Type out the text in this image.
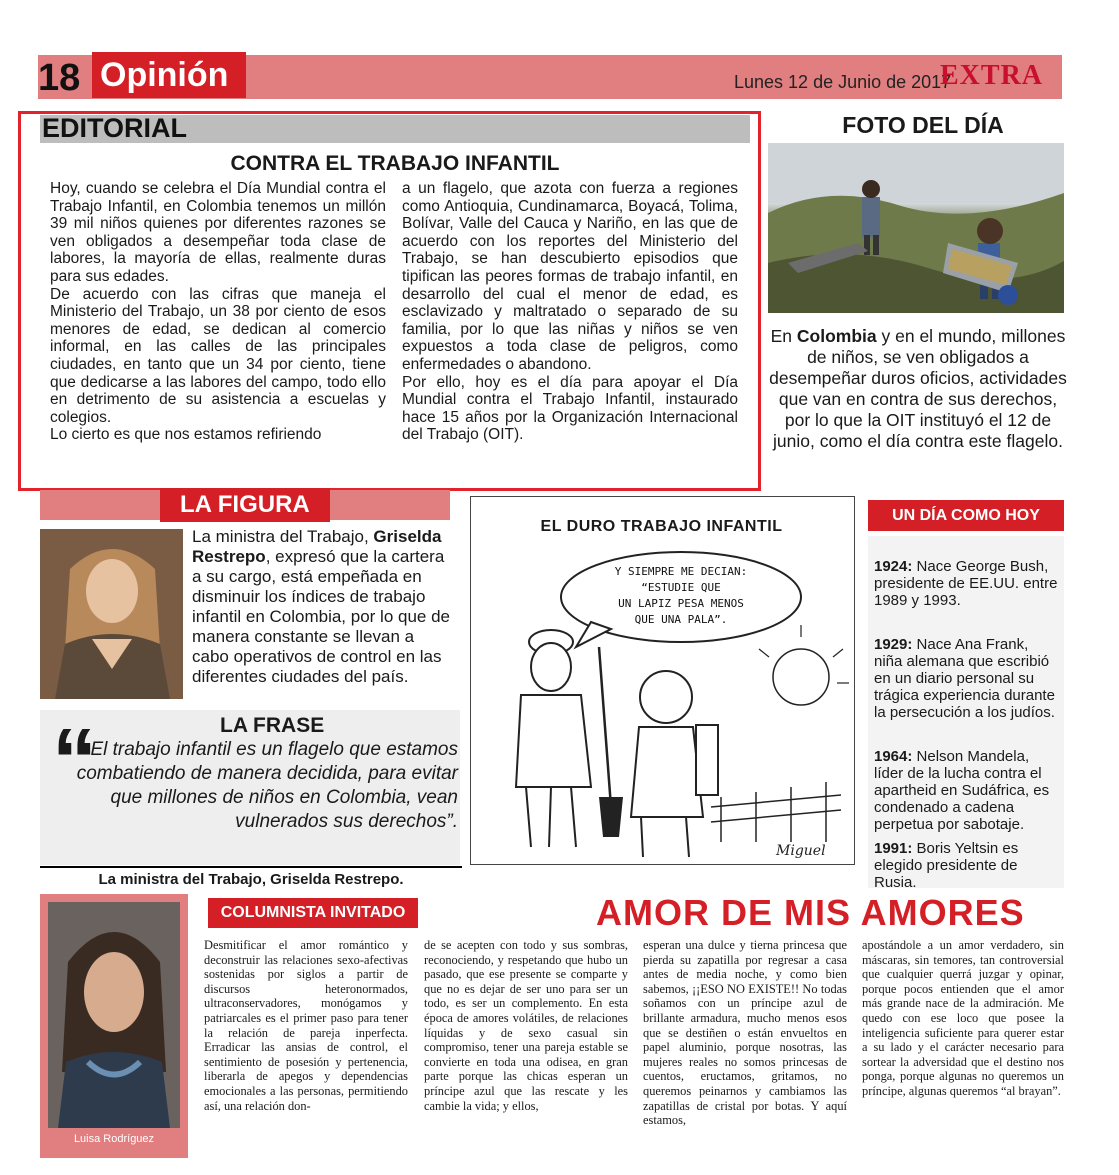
18 Opinión	Lunes 12 de Junio de 2017
EXTRA
EDITORIAL
CONTRA EL TRABAJO INFANTIL

Hoy, cuando se celebra el Día Mundial contra el Trabajo Infantil, en Colombia tenemos un millón 39 mil niños quienes por diferentes razones se ven obligados a desempeñar toda clase de labores, la mayoría de ellas, realmente duras para sus edades.

De acuerdo con las cifras que maneja el Ministerio del Trabajo, un 38 por ciento de esos menores de edad, se dedican al comercio informal, en las calles de las principales ciudades, en tanto que un 34 por ciento, tiene que dedicarse a las labores del campo, todo ello en detrimento de su asistencia a escuelas y colegios.

Lo cierto es que nos estamos refiriendo

a un flagelo, que azota con fuerza a regiones como Antioquia, Cundinamarca, Boyacá, Tolima, Bolívar, Valle del Cauca y Nariño, en las que de acuerdo con los reportes del Ministerio del Trabajo, se han descubierto episodios que tipifican las peores formas de trabajo infantil, en desarrollo del cual el menor de edad, es esclavizado y maltratado o separado de su familia, por lo que las niñas y niños se ven expuestos a toda clase de peligros, como enfermedades o abandono.

Por ello, hoy es el día para apoyar el Día Mundial contra el Trabajo Infantil, instaurado hace 15 años por la Organización Internacional del Trabajo (OIT).

FOTO DEL DÍA
En Colombia y en el mundo, millones de niños, se ven obligados a desempeñar duros oficios, actividades que van en contra de sus derechos, por lo que la OIT instituyó el 12 de junio, como el día contra este flagelo.
LA FIGURA
La ministra del Trabajo, Griselda Restrepo, expresó que la cartera a su cargo, está empeñada en disminuir los índices de trabajo infantil en Colombia, por lo que de manera constante se llevan a cabo operativos de control en las diferentes ciudades del país.
“	LA FRASE
El trabajo infantil es un flagelo que estamos combatiendo de manera decidida, para evitar que millones de niños en Colombia, vean vulnerados sus derechos”.
La ministra del Trabajo, Griselda Restrepo.
Y SIEMPRE ME DECIAN:
“ESTUDIE QUE
UN LAPIZ PESA MENOS
QUE UNA PALA”.
Miguel
EL DURO TRABAJO INFANTIL
UN DÍA COMO HOY
1924: Nace George Bush, presidente de EE.UU. entre 1989 y 1993.
1929: Nace Ana Frank, niña alemana que escribió en un diario personal su trágica experiencia durante la persecución a los judíos.
1964: Nelson Mandela, líder de la lucha contra el apartheid en Sudáfrica, es condenado a cadena perpetua por sabotaje.
1991: Boris Yeltsin es elegido presidente de Rusia.
Luisa Rodríguez
COLUMNISTA INVITADO	AMOR DE MIS AMORES
Desmitificar el amor romántico y deconstruir las relaciones sexo-afectivas sostenidas por siglos a partir de discursos heteronormados, ultraconservadores, monógamos y patriarcales es el primer paso para tener la relación de pareja inperfecta. Erradicar las ansias de control, el sentimiento de posesión y pertenencia, liberarla de apegos y dependencias emocionales a las personas, permitiendo así, una relación don-
de se acepten con todo y sus sombras, reconociendo, y respetando que hubo un pasado, que ese presente se comparte y que no es dejar de ser uno para ser un todo, es ser un complemento. En esta época de amores volátiles, de relaciones líquidas y de sexo casual sin compromiso, tener una pareja estable se convierte en toda una odisea, en gran parte porque las chicas esperan un príncipe azul que las rescate y les cambie la vida; y ellos,
esperan una dulce y tierna princesa que pierda su zapatilla por regresar a casa antes de media noche, y como bien sabemos, ¡¡ESO NO EXISTE!! No todas soñamos con un príncipe azul de brillante armadura, mucho menos esos que se destiñen o están envueltos en papel aluminio, porque nosotras, las mujeres reales no somos princesas de cuentos, eructamos, gritamos, no queremos peinarnos y cambiamos las zapatillas de cristal por botas. Y aquí estamos,
apostándole a un amor verdadero, sin máscaras, sin temores, tan controversial que cualquier querrá juzgar y opinar, porque pocos entienden que el amor más grande nace de la admiración. Me quedo con ese loco que posee la inteligencia suficiente para querer estar a su lado y el carácter necesario para sortear la adversidad que el destino nos ponga, porque algunas no queremos un príncipe, algunas queremos “al brayan”.
